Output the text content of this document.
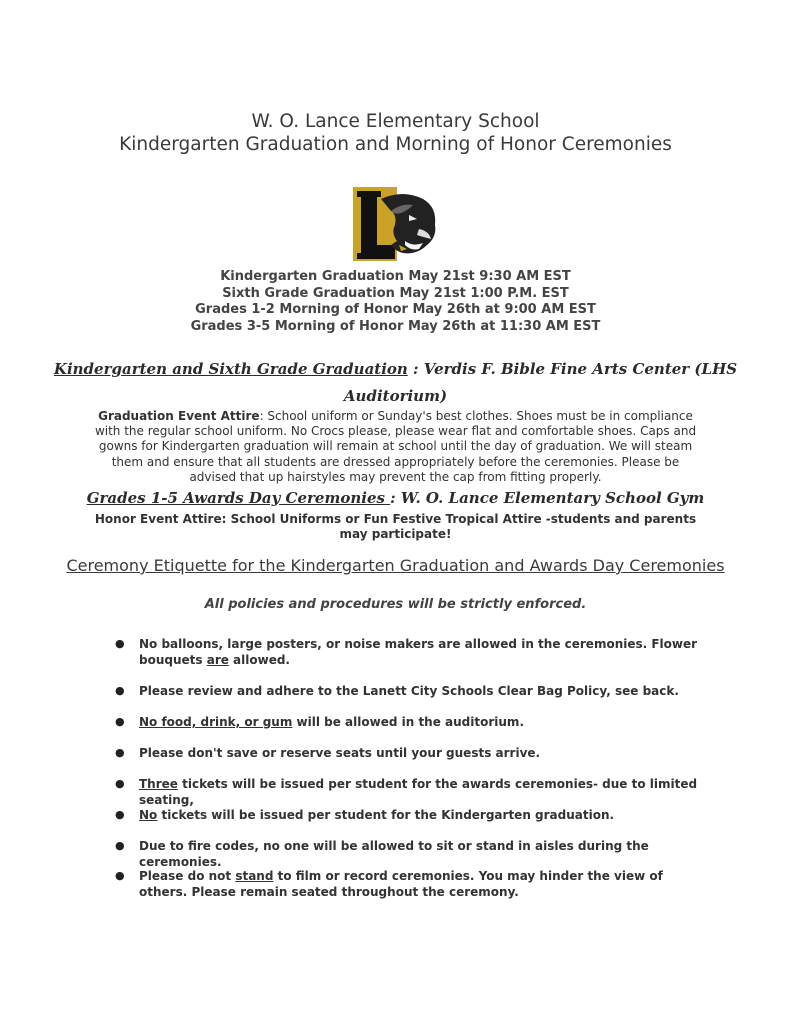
W. O. Lance Elementary School
Kindergarten Graduation and Morning of Honor Ceremonies
Kindergarten Graduation May 21st 9:30 AM EST
Sixth Grade Graduation May 21st 1:00 P.M. EST
Grades 1-2 Morning of Honor May 26th at 9:00 AM EST
Grades 3-5 Morning of Honor May 26th at 11:30 AM EST
Kindergarten and Sixth Grade Graduation : Verdis F. Bible Fine Arts Center (LHS Auditorium)
Graduation Event Attire: School uniform or Sunday's best clothes. Shoes must be in compliance with the regular school uniform. No Crocs please, please wear flat and comfortable shoes. Caps and gowns for Kindergarten graduation will remain at school until the day of graduation. We will steam them and ensure that all students are dressed appropriately before the ceremonies. Please be advised that up hairstyles may prevent the cap from fitting properly.
Grades 1-5 Awards Day Ceremonies : W. O. Lance Elementary School Gym
Honor Event Attire: School Uniforms or Fun Festive Tropical Attire -students and parents may participate!
Ceremony Etiquette for the Kindergarten Graduation and Awards Day Ceremonies
All policies and procedures will be strictly enforced.
● No balloons, large posters, or noise makers are allowed in the ceremonies. Flower bouquets are allowed.
● Please review and adhere to the Lanett City Schools Clear Bag Policy, see back.
● No food, drink, or gum will be allowed in the auditorium.
● Please don't save or reserve seats until your guests arrive.
● Three tickets will be issued per student for the awards ceremonies- due to limited seating,
● No tickets will be issued per student for the Kindergarten graduation.
● Due to fire codes, no one will be allowed to sit or stand in aisles during the ceremonies.
● Please do not stand to film or record ceremonies. You may hinder the view of others. Please remain seated throughout the ceremony.
